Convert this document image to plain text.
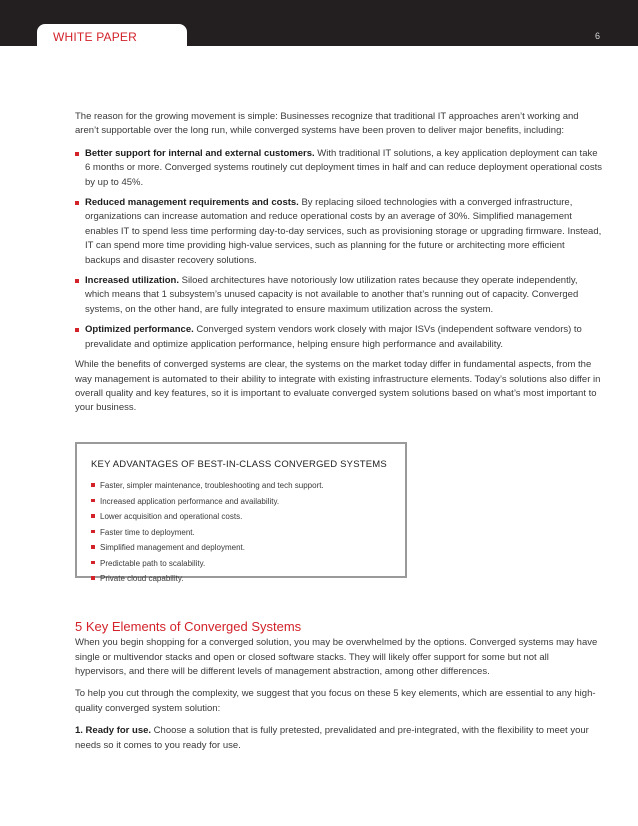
WHITE PAPER	6

The reason for the growing movement is simple: Businesses recognize that traditional IT approaches aren’t working and aren’t supportable over the long run, while converged systems have been proven to deliver major benefits, including:

Better support for internal and external customers. With traditional IT solutions, a key application deployment can take 6 months or more. Converged systems routinely cut deployment times in half and can reduce deployment operational costs by up to 45%.
Reduced management requirements and costs. By replacing siloed technologies with a converged infrastructure, organizations can increase automation and reduce operational costs by an average of 30%. Simplified management enables IT to spend less time performing day-to-day services, such as provisioning storage or upgrading firmware. Instead, IT can spend more time providing high-value services, such as planning for the future or architecting more efficient backups and disaster recovery solutions.
Increased utilization. Siloed architectures have notoriously low utilization rates because they operate independently, which means that 1 subsystem’s unused capacity is not available to another that’s running out of capacity. Converged systems, on the other hand, are fully integrated to ensure maximum utilization across the system.
Optimized performance. Converged system vendors work closely with major ISVs (independent software vendors) to prevalidate and optimize application performance, helping ensure high performance and availability.

While the benefits of converged systems are clear, the systems on the market today differ in fundamental aspects, from the way management is automated to their ability to integrate with existing infrastructure elements. Today’s solutions also differ in overall quality and key features, so it is important to evaluate converged system solutions based on what’s most important to your business.

KEY ADVANTAGES OF BEST-IN-CLASS CONVERGED SYSTEMS
Faster, simpler maintenance, troubleshooting and tech support.
Increased application performance and availability.
Lower acquisition and operational costs.
Faster time to deployment.
Simplified management and deployment.
Predictable path to scalability.
Private cloud capability.
5 Key Elements of Converged Systems

When you begin shopping for a converged solution, you may be overwhelmed by the options. Converged systems may have single or multivendor stacks and open or closed software stacks. They will likely offer support for some but not all hypervisors, and there will be different levels of management abstraction, among other differences.

To help you cut through the complexity, we suggest that you focus on these 5 key elements, which are essential to any high-quality converged system solution:

1. Ready for use. Choose a solution that is fully pretested, prevalidated and pre-integrated, with the flexibility to meet your needs so it comes to you ready for use.
